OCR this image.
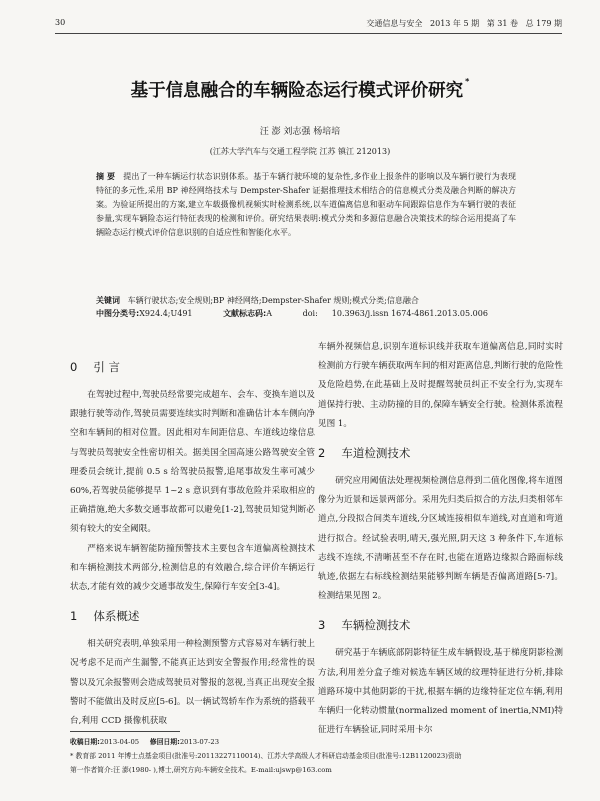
30	交通信息与安全 2013 年 5 期 第 31 卷 总 179 期
基于信息融合的车辆险态运行模式评价研究 *
汪 澎 刘志强 杨培培
(江苏大学汽车与交通工程学院 江苏 镇江 212013)
摘 要 提出了一种车辆运行状态识别体系。基于车辆行驶环境的复杂性,多作业上报条件的影响以及车辆行驶行为表现特征的多元性,采用 BP 神经网络技术与 Dempster-Shafer 证据推理技术相结合的信息模式分类及融合判断的解决方案。为验证所提出的方案,建立车载摄像机视频实时检测系统,以车道偏离信息和驱动车间跟踪信息作为车辆行驶的表征参量,实现车辆险态运行特征表现的检测和评价。研究结果表明:模式分类和多源信息融合决策技术的综合运用提高了车辆险态运行模式评价信息识别的自适应性和智能化水平。
关键词 车辆行驶状态;安全规则;BP 神经网络;Dempster-Shafer 规则;模式分类;信息融合
中图分类号:X924.4;U491	文献标志码:A	doi: 10.3963/j.issn 1674-4861.2013.05.006
0 引 言

在驾驶过程中,驾驶员经常要完成超车、会车、变换车道以及跟驰行驶等动作,驾驶员需要连续实时判断和准确估计本车侧向净空和车辆间的相对位置。因此相对车间距信息、车道线边缘信息与驾驶员驾驶安全性密切相关。据美国全国高速公路驾驶安全管理委员会统计,提前 0.5 s 给驾驶员报警,追尾事故发生率可减少 60%,若驾驶员能够提早 1~2 s 意识到有事故危险并采取相应的正确措施,绝大多数交通事故都可以避免[1-2],驾驶员知觉判断必须有较大的安全阈限。

严格来说车辆智能防撞预警技术主要包含车道偏离检测技术和车辆检测技术两部分,检测信息的有效融合,综合评价车辆运行状态,才能有效的减少交通事故发生,保障行车安全[3-4]。

1 体系概述

相关研究表明,单独采用一种检测预警方式容易对车辆行驶上况考虑不足而产生漏警,不能真正达到安全警报作用;经常性的误警以及冗余报警则会造成驾驶员对警报的忽视,当真正出现安全报警时不能做出及时反应[5-6]。以一辆试驾轿车作为系统的搭载平台,利用 CCD 摄像机获取

车辆外视频信息,识别车道标识线并获取车道偏离信息,同时实时检测前方行驶车辆获取两车间的相对距离信息,判断行驶的危险性及危险趋势,在此基础上及时提醒驾驶员纠正不安全行为,实现车道保持行驶、主动防撞的目的,保障车辆安全行驶。检测体系流程见图 1。

2 车道检测技术

研究应用阈值法处理视频检测信息得到二值化图像,将车道图像分为近景和远景两部分。采用先归类后拟合的方法,归类相邻车道点,分段拟合间类车道线,分区域连接相似车道线,对直道和弯道进行拟合。经试验表明,晴天,强光照,阴天这 3 种条件下,车道标志线不连续,不清晰甚至不存在时,也能在道路边缘拟合路面标线轨迹,依据左右标线检测结果能够判断车辆是否偏离道路[5-7]。检测结果见图 2。

3 车辆检测技术

研究基于车辆底部阴影特征生成车辆假设,基于梯度阴影检测方法,利用差分盒子维对候选车辆区域的纹理特征进行分析,排除道路环境中其他阴影的干扰,根据车辆的边缘特征定位车辆,利用车辆归一化转动惯量(normalized moment of inertia,NMI)特征进行车辆验证,同时采用卡尔

收稿日期:2013-04-05 修回日期:2013-07-23
* 教育部 2011 年博士点基金项目(批准号:20113227110014)、江苏大学高级人才科研启动基金项目(批准号:12B1120023)资助
第一作者简介:汪 澎(1980- ),博士,研究方向:车辆安全技术。E-mail:ujswp@163.com
